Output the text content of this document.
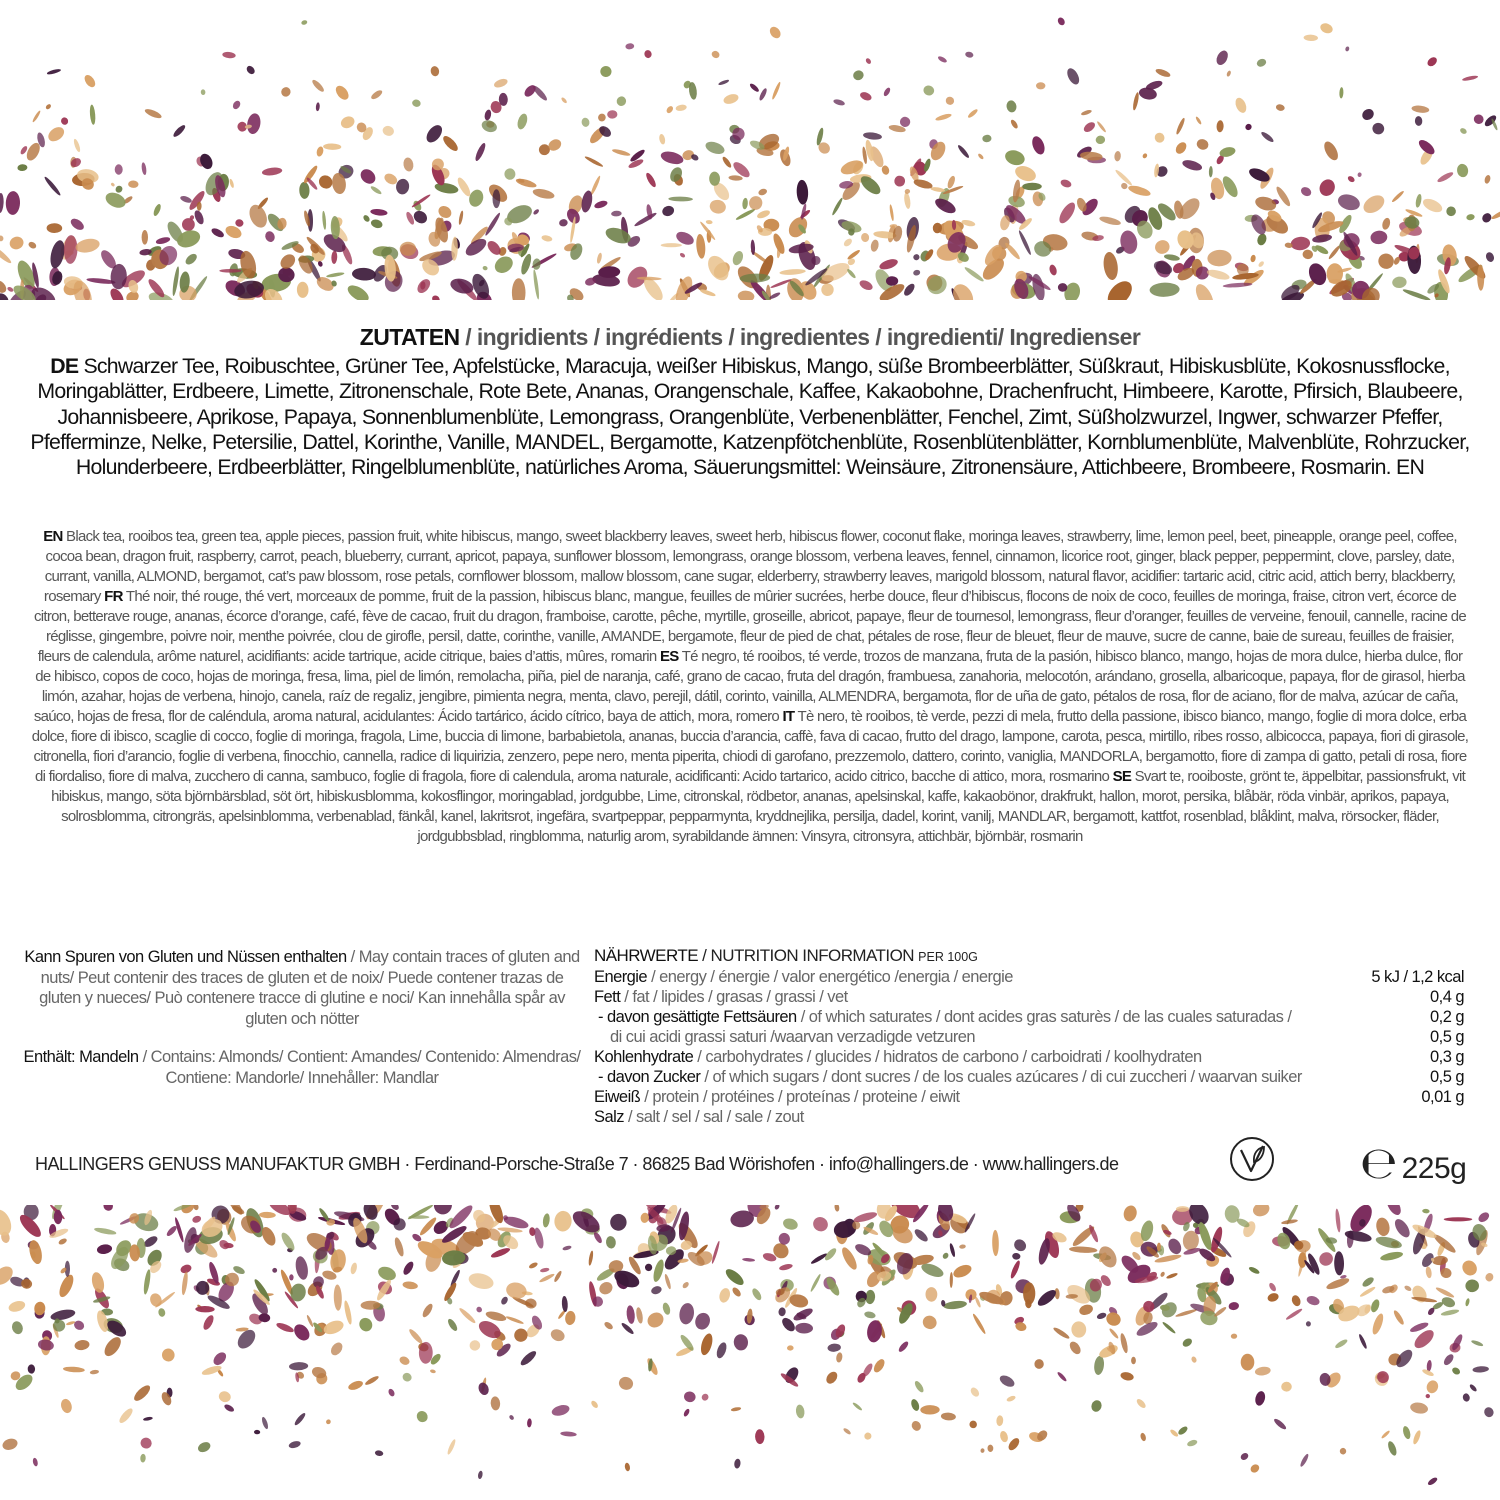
ZUTATEN / ingridients / ingrédients / ingredientes / ingredienti/ Ingredienser
DE Schwarzer Tee, Roibuschtee, Grüner Tee, Apfelstücke, Maracuja, weißer Hibiskus, Mango, süße Brombeerblätter, Süßkraut, Hibiskusblüte, Kokosnussflocke, Moringablätter, Erdbeere, Limette, Zitronenschale, Rote Bete, Ananas, Orangenschale, Kaffee, Kakaobohne, Drachenfrucht, Himbeere, Karotte, Pfirsich, Blaubeere, Johannisbeere, Aprikose, Papaya, Sonnenblumenblüte, Lemongrass, Orangenblüte, Verbenenblätter, Fenchel, Zimt, Süßholzwurzel, Ingwer, schwarzer Pfeffer, Pfefferminze, Nelke, Petersilie, Dattel, Korinthe, Vanille, MANDEL, Bergamotte, Katzenpfötchenblüte, Rosenblütenblätter, Kornblumenblüte, Malvenblüte, Rohrzucker, Holunderbeere, Erdbeerblätter, Ringelblumenblüte, natürliches Aroma, Säuerungsmittel: Weinsäure, Zitronensäure, Attichbeere, Brombeere, Rosmarin. EN
EN Black tea, rooibos tea, green tea, apple pieces, passion fruit, white hibiscus, mango, sweet blackberry leaves, sweet herb, hibiscus flower, coconut flake, moringa leaves, strawberry, lime, lemon peel, beet, pineapple, orange peel, coffee, cocoa bean, dragon fruit, raspberry, carrot, peach, blueberry, currant, apricot, papaya, sunflower blossom, lemongrass, orange blossom, verbena leaves, fennel, cinnamon, licorice root, ginger, black pepper, peppermint, clove, parsley, date, currant, vanilla, ALMOND, bergamot, cat’s paw blossom, rose petals, cornflower blossom, mallow blossom, cane sugar, elderberry, strawberry leaves, marigold blossom, natural flavor, acidifier: tartaric acid, citric acid, attich berry, blackberry, rosemary FR Thé noir, thé rouge, thé vert, morceaux de pomme, fruit de la passion, hibiscus blanc, mangue, feuilles de mûrier sucrées, herbe douce, fleur d’hibiscus, flocons de noix de coco, feuilles de moringa, fraise, citron vert, écorce de citron, betterave rouge, ananas, écorce d’orange, café, fève de cacao, fruit du dragon, framboise, carotte, pêche, myrtille, groseille, abricot, papaye, fleur de tournesol, lemongrass, fleur d’oranger, feuilles de verveine, fenouil, cannelle, racine de réglisse, gingembre, poivre noir, menthe poivrée, clou de girofle, persil, datte, corinthe, vanille, AMANDE, bergamote, fleur de pied de chat, pétales de rose, fleur de bleuet, fleur de mauve, sucre de canne, baie de sureau, feuilles de fraisier, fleurs de calendula, arôme naturel, acidifiants: acide tartrique, acide citrique, baies d’attis, mûres, romarin ES Té negro, té rooibos, té verde, trozos de manzana, fruta de la pasión, hibisco blanco, mango, hojas de mora dulce, hierba dulce, flor de hibisco, copos de coco, hojas de moringa, fresa, lima, piel de limón, remolacha, piña, piel de naranja, café, grano de cacao, fruta del dragón, frambuesa, zanahoria, melocotón, arándano, grosella, albaricoque, papaya, flor de girasol, hierba limón, azahar, hojas de verbena, hinojo, canela, raíz de regaliz, jengibre, pimienta negra, menta, clavo, perejil, dátil, corinto, vainilla, ALMENDRA, bergamota, flor de uña de gato, pétalos de rosa, flor de aciano, flor de malva, azúcar de caña, saúco, hojas de fresa, flor de caléndula, aroma natural, acidulantes: Ácido tartárico, ácido cítrico, baya de attich, mora, romero IT Tè nero, tè rooibos, tè verde, pezzi di mela, frutto della passione, ibisco bianco, mango, foglie di mora dolce, erba dolce, fiore di ibisco, scaglie di cocco, foglie di moringa, fragola, Lime, buccia di limone, barbabietola, ananas, buccia d’arancia, caffè, fava di cacao, frutto del drago, lampone, carota, pesca, mirtillo, ribes rosso, albicocca, papaya, fiori di girasole, citronella, fiori d’arancio, foglie di verbena, finocchio, cannella, radice di liquirizia, zenzero, pepe nero, menta piperita, chiodi di garofano, prezzemolo, dattero, corinto, vaniglia, MANDORLA, bergamotto, fiore di zampa di gatto, petali di rosa, fiore di fiordaliso, fiore di malva, zucchero di canna, sambuco, foglie di fragola, fiore di calendula, aroma naturale, acidificanti: Acido tartarico, acido citrico, bacche di attico, mora, rosmarino SE Svart te, rooiboste, grönt te, äppelbitar, passionsfrukt, vit hibiskus, mango, söta björnbärsblad, söt ört, hibiskusblomma, kokosflingor, moringablad, jordgubbe, Lime, citronskal, rödbetor, ananas, apelsinskal, kaffe, kakaobönor, drakfrukt, hallon, morot, persika, blåbär, röda vinbär, aprikos, papaya, solrosblomma, citrongräs, apelsinblomma, verbenablad, fänkål, kanel, lakritsrot, ingefära, svartpeppar, pepparmynta, kryddnejlika, persilja, dadel, korint, vanilj, MANDLAR, bergamott, kattfot, rosenblad, blåklint, malva, rörsocker, fläder, jordgubbsblad, ringblomma, naturlig arom, syrabildande ämnen: Vinsyra, citronsyra, attichbär, björnbär, rosmarin

Kann Spuren von Gluten und Nüssen enthalten / May contain traces of gluten and nuts/ Peut contenir des traces de gluten et de noix/ Puede contener trazas de gluten y nueces/ Può contenere tracce di glutine e noci/ Kan innehålla spår av gluten och nötter

Enthält: Mandeln / Contains: Almonds/ Contient: Amandes/ Contenido: Almendras/ Contiene: Mandorle/ Innehåller: Mandlar

NÄHRWERTE / NUTRITION INFORMATION PER 100G
Energie / energy / énergie / valor energético /energia / energie	5 kJ / 1,2 kcal
Fett / fat / lipides / grasas / grassi / vet	0,4 g
- davon gesättigte Fettsäuren / of which saturates / dont acides gras saturès / de las cuales saturadas /	0,2 g
di cui acidi grassi saturi /waarvan verzadigde vetzuren	0,5 g
Kohlenhydrate / carbohydrates / glucides / hidratos de carbono / carboidrati / koolhydraten	0,3 g
- davon Zucker / of which sugars / dont sucres / de los cuales azúcares / di cui zuccheri / waarvan suiker	0,5 g
Eiweiß / protein / protéines / proteínas / proteine / eiwit	0,01 g
Salz / salt / sel / sal / sale / zout
HALLINGERS GENUSS MANUFAKTUR GMBH · Ferdinand-Porsche-Straße 7 · 86825 Bad Wörishofen · info@hallingers.de · www.hallingers.de	℮ 225g
